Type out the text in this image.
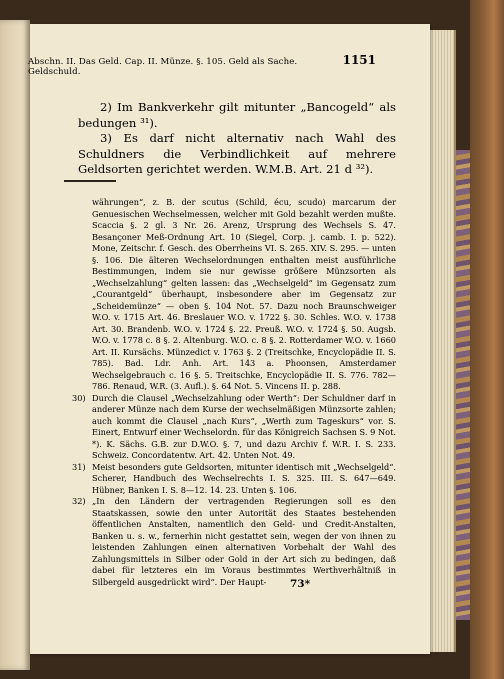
Abschn. II. Das Geld. Cap. II. Münze. §. 105. Geld als Sache. Geldschuld.
1151

2) Im Bankverkehr gilt mitunter „Bancogeld“ als bedungen ³¹).

3) Es darf nicht alternativ nach Wahl des Schuldners die Verbindlichkeit auf mehrere Geldsorten gerichtet werden. W.M.B. Art. 21 d ³²).

währungen“, z. B. der scutus (Schild, écu, scudo) marcarum der Genuesischen Wechselmessen, welcher mit Gold bezahlt werden mußte. Scaccia §. 2 gl. 3 Nr. 26. Arenz, Ursprung des Wechsels S. 47. Besançoner Meß-Ordnung Art. 10 (Siegel, Corp. j. camb. I. p. 522). Mone, Zeitschr. f. Gesch. des Oberrheins VI. S. 265. XIV. S. 295. — unten §. 106. Die älteren Wechselordnungen enthalten meist ausführliche Bestimmungen, indem sie nur gewisse größere Münzsorten als „Wechselzahlung“ gelten lassen: das „Wechselgeld“ im Gegensatz zum „Courantgeld“ überhaupt, insbesondere aber im Gegensatz zur „Scheidemünze“ — oben §. 104 Not. 57. Dazu noch Braunschweiger W.O. v. 1715 Art. 46. Breslauer W.O. v. 1722 §. 30. Schles. W.O. v. 1738 Art. 30. Brandenb. W.O. v. 1724 §. 22. Preuß. W.O. v. 1724 §. 50. Augsb. W.O. v. 1778 c. 8 §. 2. Altenburg. W.O. c. 8 §. 2. Rotterdamer W.O. v. 1660 Art. II. Kursächs. Münzedict v. 1763 §. 2 (Treitschke, Encyclopädie II. S. 785). Bad. Ldr. Anh. Art. 143 a. Phoonsen, Amsterdamer Wechselgebrauch c. 16 §. 5. Treitschke, Encyclopädie II. S. 776. 782—786. Renaud, W.R. (3. Aufl.). §. 64 Not. 5. Vincens II. p. 288.

30) Durch die Clausel „Wechselzahlung oder Werth“: Der Schuldner darf in anderer Münze nach dem Kurse der wechselmäßigen Münzsorte zahlen; auch kommt die Clausel „nach Kurs“, „Werth zum Tageskurs“ vor. S. Einert, Entwurf einer Wechselordn. für das Königreich Sachsen S. 9 Not. *). K. Sächs. G.B. zur D.W.O. §. 7, und dazu Archiv f. W.R. I. S. 233. Schweiz. Concordatentw. Art. 42. Unten Not. 49.

31) Meist besonders gute Geldsorten, mitunter identisch mit „Wechselgeld“. Scherer, Handbuch des Wechselrechts I. S. 325. III. S. 647—649. Hübner, Banken I. S. 8—12. 14. 23. Unten §. 106.

32) „In den Ländern der vertragenden Regierungen soll es den Staatskassen, sowie den unter Autorität des Staates bestehenden öffentlichen Anstalten, namentlich den Geld- und Credit-Anstalten, Banken u. s. w., fernerhin nicht gestattet sein, wegen der von ihnen zu leistenden Zahlungen einen alternativen Vorbehalt der Wahl des Zahlungsmittels in Silber oder Gold in der Art sich zu bedingen, daß dabei für letzteres ein im Voraus bestimmtes Werthverhältniß in Silbergeld ausgedrückt wird“. Der Haupt-	73*
